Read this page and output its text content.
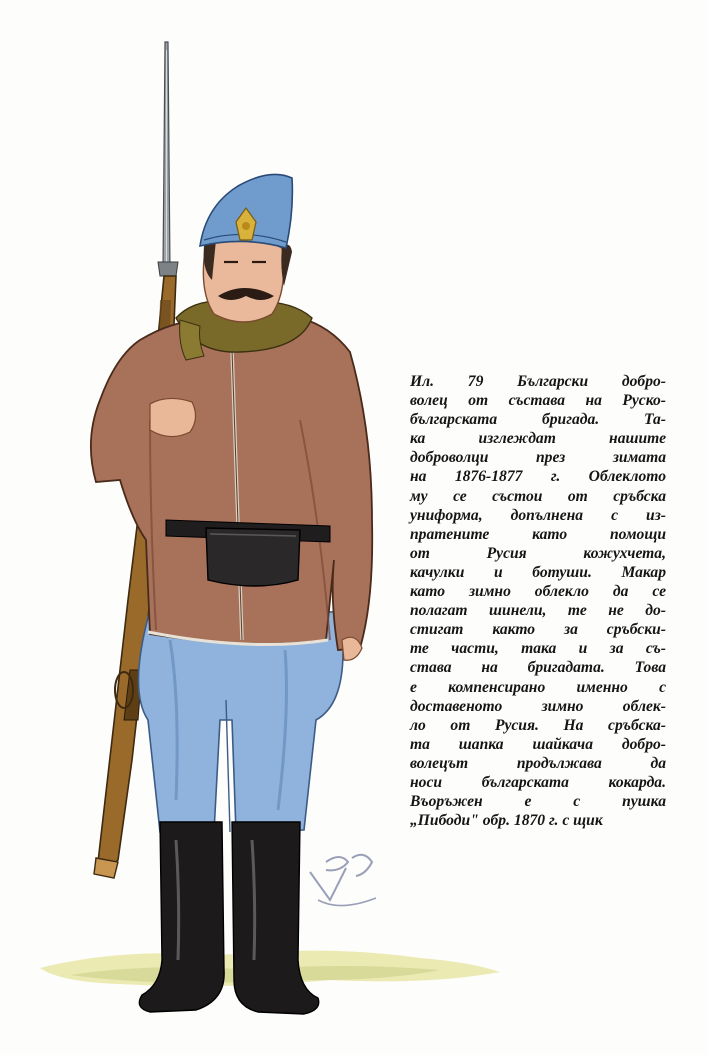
Ил. 79 Български добро-
волец от състава на Руско-
българската бригада. Та-
ка изглеждат нашите
доброволци през зимата
на 1876-1877 г. Облеклото
му се състои от сръбска
униформа, допълнена с из-
пратените като помощи
от Русия кожухчета,
качулки и ботуши. Макар
като зимно облекло да се
полагат шинели, те не до-
стигат както за сръбски-
те части, така и за съ-
става на бригадата. Това
е компенсирано именно с
доставеното зимно облек-
ло от Русия. На сръбска-
та шапка шайкача добро-
волецът продължава да
носи българската кокарда.
Въоръжен е с пушка
„Пибоди" обр. 1870 г. с щик
